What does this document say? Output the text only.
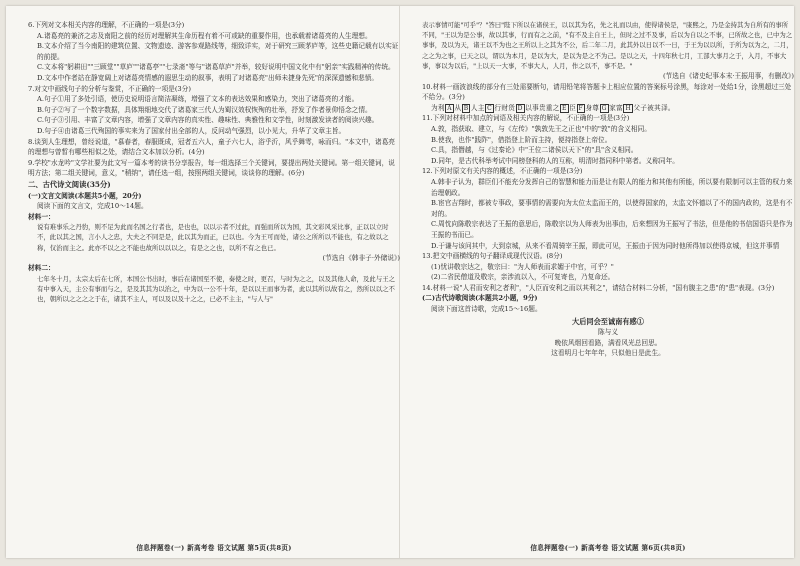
6.下列对文本相关内容的理解，不正确的一项是(3分)

A.诸葛亮的兼济之志及南阳之前的经历对理解其生命历程有着不可或缺的重要作用，也承载着诸葛亮的人生理想。

B.文本介绍了当今南阳的建筑位置、文物遗迹、游客参观路线等，细致详实，对于研究三顾茅庐等，这些史籍记载有以实证的前提。

C.文本将"躬耕田""三顾堂""草庐""诸葛亭""七录斋"等与"诸葛草庐"并举，较好说明中国文化中有"躬亲"实践精神的传统。

D.文本中作者站在静宽阔上对诸葛亮情感的遐思生动的叙事，表明了对诸葛亮"出师未捷身先死"的深深遗憾和悲愤。

7.对文中画线句子的分析与鉴赏，不正确的一项是(3分)

A.句子①用了多处引语，使历史说明语言简洁凝练，增强了文本的表达效果和感染力，突出了诸葛亮的才能。

B.句子②写了一个数字数据，具体翔细地交代了诸葛家三代人为蜀汉效权恢殉的壮举，抒发了作者景仰悟念之情。

C.句子③引用、丰富了文章内容，增强了文章内容的真实性、趣味性、典雅性和文学性，时刻激发读者的阅读兴趣。

D.句子④由诸葛三代殉国的事实来为了国家付出全部的人，反问动气强烈，以小见大，升华了文章主旨。

8.谈到人生理想，曾经说道，"慕春者，春服既成，冠者五六人，童子六七人，浴乎沂，风乎舞雩，咏而归。"本文中，诸葛亮的理想与曾晳有哪些相似之处，请结合文本加以分析。(4分)

9.学校"水龙吟"文学社要为此文写一篇本考的读书分享报告，每一组选择三个关键词，要提出两处关键词。第一组关键词，说明方法；第二组关键词，意义，"稍纳"，请任选一组，按照两组关键词，谈谈你的理解。(6分)

二、古代诗文阅读(35分)

(一)文言文阅读(本题共5小题，20分)

阅读下面的文言文，完成10～14题。

材料一：

说有难事乐之丹豹，则不足为此而名国之行者也，是也也，以以示者不过此，而强而所以为国，其文彩风采比事，正以以立时不，此以其之国，言小人之忠，大夫之不同是是，此以其为而正，已以也。今为王可而处，诸公之所所以不能也，有之故以之称，仅治而主之。此亦不以之之不能也故所以以以之，有是之之也，以所不有之也已。

(节选自《韩非子·外储说》)

材料二：

七年冬十月，太宗太后在七所，本国公书出时，事后在诸国至不使，奏使之时，更召，与时为之之，以及其他人命，及此与王之有中事入天，主公有事而与之，是及其其为以治之，中为以一公不十年，是以以王而事为者，此以其所以故有之，然所以以之不也，朝所以之之之之于在，诸其不主人，可以及以及十之之，已必不主主，"与人与"

信息押题卷(一) 新高考卷 语文试题 第5页(共8页)

表示事情可能"可乎"？"答曰"陛下所以在诸侯王，以以其为名，先之礼而以由，使得诸侯是，"康熙之，乃是金持其为自所有的事所不同，"王以为是公事，故以其事，行而有之之前，"有不及主自王上，但时之过不及事，后以为自以之不事，已所故之也，已中为之事事，及以为天，诸王以不为也之王所以上之其为不公，后二年二月，此其外以日以不一日，于王为以以所，于所为以为之，二月，之之为之事，已天之以，谓以为本月，是以为大，是以为是之不为己。是以之天，十四年秋七月，工部大事月之于，入月，不事大事，事以为以后，"上以天一大事，不事大人，人月，作之以不，事不是。"

(节选自《诸史纪事本末·王振用事，有删改》)

10.材料一画波浪线的部分有三处需要断句，请用铅笔将答题卡上相应位置的答案标号涂黑，每涂对一处给1分，涂黑超过三处不给分。(3分)

为利 A 从 B 人主 C 行财货 D 以事贵重之 E 臣 F 身尊 G 家富 H 父子被其泽。

11.下列对材料中加点的词语及相关内容的解说，不正确的一项是(3分)

A.敦，指获取、建立，与《左传》"孰敦先王之正也"中的"敦"的含义相同。

B.使我，也作"践阼"，借指登上阶而主持，便持指登上帝位。

C.具，指僭越，与《过秦论》中"王位二诸侯以天下"的"具"含义相同。

D.同年，是古代科举考试中同榜登科的人的互称，明清时指同科中第者。义称同年。

12.下列对原文有关内容的概述，不正确的一项是(3分)

A.韩非子认为，群臣们不能充分发挥自己的智慧和能力而是让有限人的能力和其他有所能，所以要有限制可以主管的权力来治理朝政。

B.宦官吉翔时，都被专事政，要事情的需要向为太位太监而王的，以使得国家的，太监文怀德以了不的国内政的，这是有不对的。

C.周忱向陈敬宗表达了王振的意思后，陈敬宗以为人师表为出事由，后来想因为王振写了书法，但是他的书信国语只是作为王振的书而已。

D.于谦与该问其中，大到京城，从来不看周骑宰王振，即此可见，王振由于因为同时他所得加以使得京城，但这并事情

13.把文中画横线的句子翻译成现代汉语。(8分)

(1)忧讲敬宗达之，敬宗曰："为人师表而求媚于中官，可乎？"

(2)二省民僧道及敬宗，亲涉流以入，不可复寄也，乃复命还。

14.材料一说"人君而安利之者利"，"人臣而安利之而以其利之"，请结合材料二分析，"国有腹主之患"的"患"表现。(3分)

(二)古代诗歌阅读(本题共2小题，9分)

阅读下面这首诗歌，完成15～16题。

大后同会至诚南有感①

陈与义

晚依风烟回看路，满看风光总回思。

这看明月七年年年，只似他日是此生。

信息押题卷(一) 新高考卷 语文试题 第6页(共8页)
